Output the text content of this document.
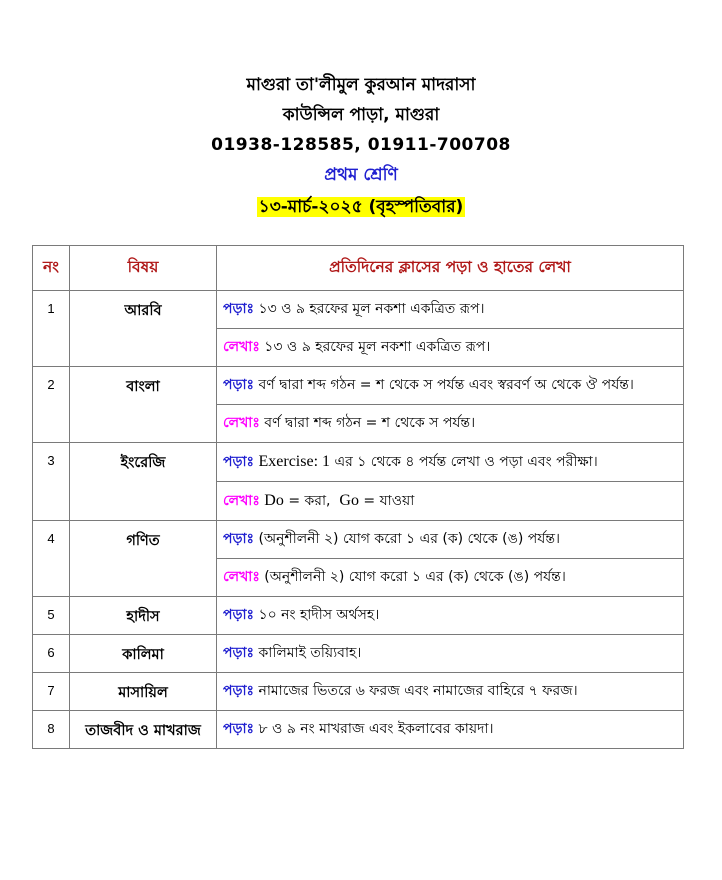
মাগুরা তা'লীমুল কুরআন মাদরাসা
কাউন্সিল পাড়া, মাগুরা
01938-128585, 01911-700708
প্রথম শ্রেণি
১৩-মার্চ-২০২৫ (বৃহস্পতিবার)
নং	বিষয়	প্রতিদিনের ক্লাসের পড়া ও হাতের লেখা
1	আরবি	পড়াঃ ১৩ ও ৯ হরফের মূল নকশা একত্রিত রূপ।
		লেখাঃ ১৩ ও ৯ হরফের মূল নকশা একত্রিত রূপ।
2	বাংলা	পড়াঃ বর্ণ দ্বারা শব্দ গঠন = শ থেকে স পর্যন্ত এবং স্বরবর্ণ অ থেকে ঔ পর্যন্ত।
		লেখাঃ বর্ণ দ্বারা শব্দ গঠন = শ থেকে স পর্যন্ত।
3	ইংরেজি	পড়াঃ Exercise: 1 এর ১ থেকে ৪ পর্যন্ত লেখা ও পড়া এবং পরীক্ষা।
		লেখাঃ Do = করা, Go = যাওয়া
4	গণিত	পড়াঃ (অনুশীলনী ২) যোগ করো ১ এর (ক) থেকে (ঙ) পর্যন্ত।
		লেখাঃ (অনুশীলনী ২) যোগ করো ১ এর (ক) থেকে (ঙ) পর্যন্ত।
5	হাদীস	পড়াঃ ১০ নং হাদীস অর্থসহ।
6	কালিমা	পড়াঃ কালিমাই তয়্যিবাহ।
7	মাসায়িল	পড়াঃ নামাজের ভিতরে ৬ ফরজ এবং নামাজের বাহিরে ৭ ফরজ।
8	তাজবীদ ও মাখরাজ	পড়াঃ ৮ ও ৯ নং মাখরাজ এবং ইকলাবের কায়দা।
